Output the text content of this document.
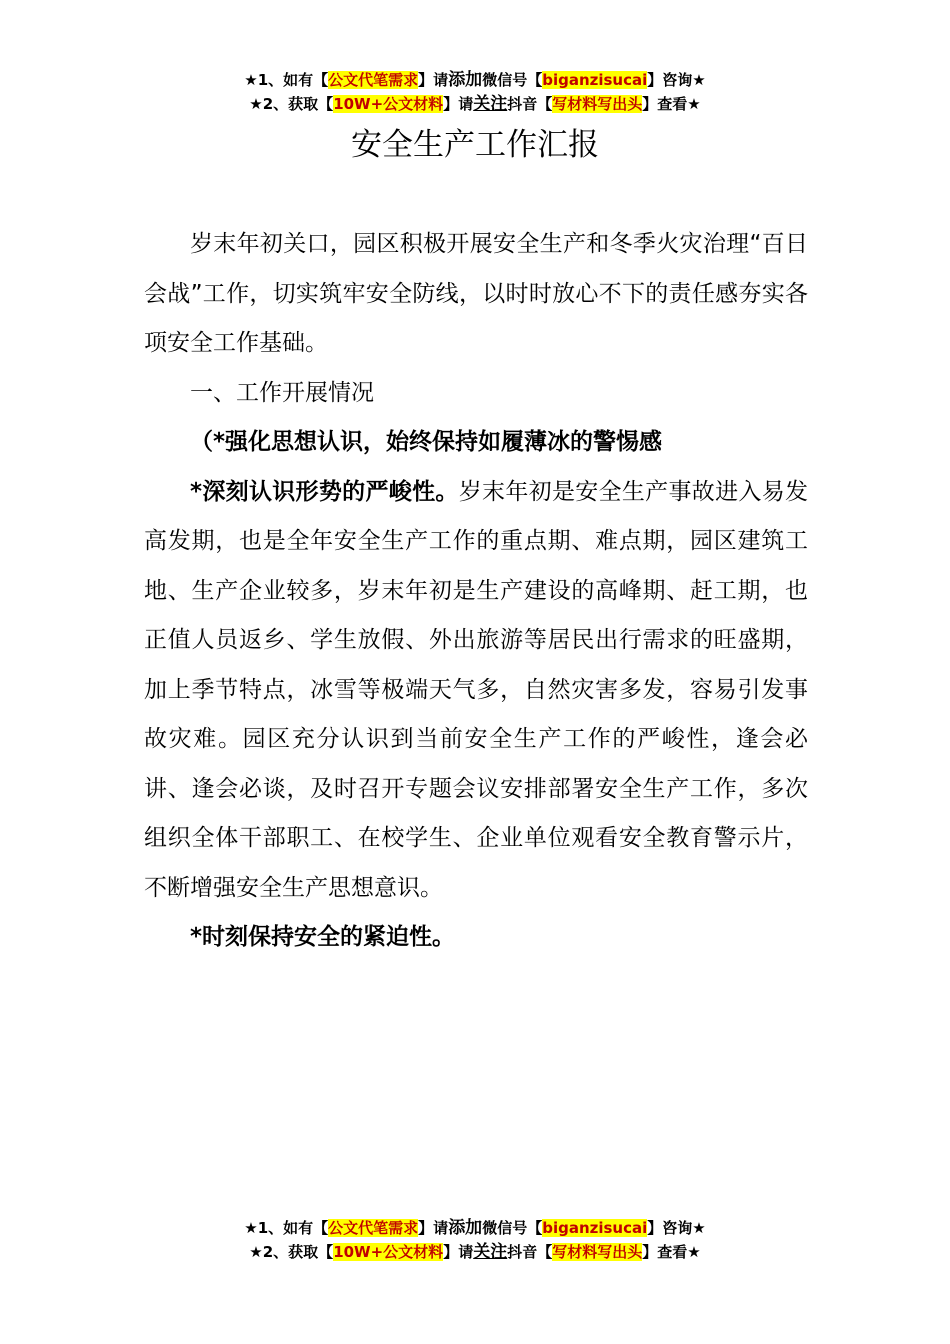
★1、如有【公文代笔需求】请添加微信号【biganzisucai】咨询★
★2、获取【10W+公文材料】请关注抖音【写材料写出头】查看★
安全生产工作汇报

岁末年初关口，园区积极开展安全生产和冬季火灾治理“百日会战”工作，切实筑牢安全防线，以时时放心不下的责任感夯实各项安全工作基础。

一、工作开展情况

（*强化思想认识，始终保持如履薄冰的警惕感

*深刻认识形势的严峻性。岁末年初是安全生产事故进入易发高发期，也是全年安全生产工作的重点期、难点期，园区建筑工地、生产企业较多，岁末年初是生产建设的高峰期、赶工期，也正值人员返乡、学生放假、外出旅游等居民出行需求的旺盛期，加上季节特点，冰雪等极端天气多，自然灾害多发，容易引发事故灾难。园区充分认识到当前安全生产工作的严峻性，逢会必讲、逢会必谈，及时召开专题会议安排部署安全生产工作，多次组织全体干部职工、在校学生、企业单位观看安全教育警示片，不断增强安全生产思想意识。

*时刻保持安全的紧迫性。

★1、如有【公文代笔需求】请添加微信号【biganzisucai】咨询★
★2、获取【10W+公文材料】请关注抖音【写材料写出头】查看★
